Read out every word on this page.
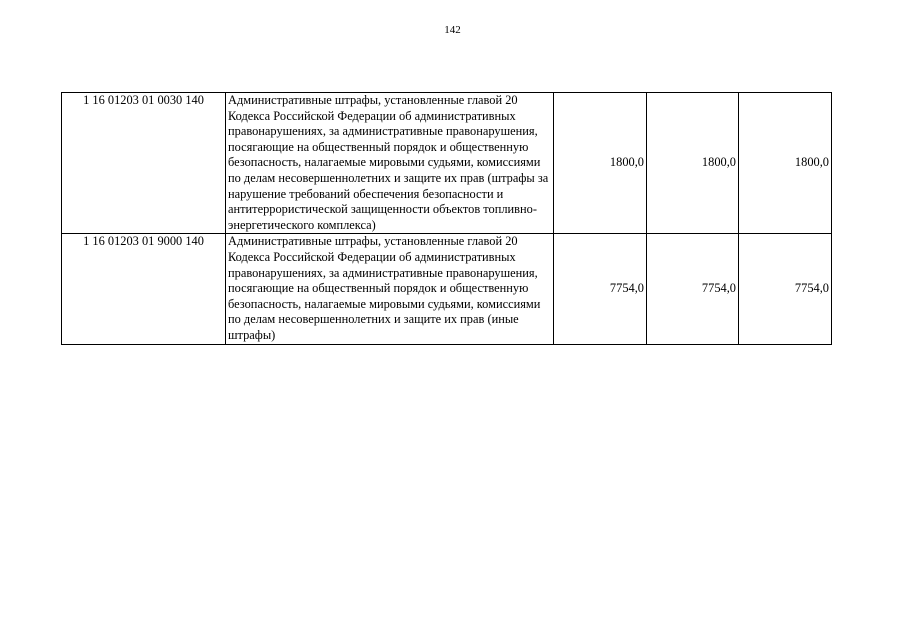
142
1 16 01203 01 0030 140	Административные штрафы, установленные главой 20 Кодекса Российской Федерации об административных правонарушениях, за административные правонарушения, посягающие на общественный порядок и общественную безопасность, налагаемые мировыми судьями, комиссиями по делам несовершеннолетних и защите их прав (штрафы за нарушение требований обеспечения безопасности и антитеррористической защищенности объектов топливно-энергетического комплекса)	1800,0	1800,0	1800,0
1 16 01203 01 9000 140	Административные штрафы, установленные главой 20 Кодекса Российской Федерации об административных правонарушениях, за административные правонарушения, посягающие на общественный порядок и общественную безопасность, налагаемые мировыми судьями, комиссиями по делам несовершеннолетних и защите их прав (иные штрафы)	7754,0	7754,0	7754,0
